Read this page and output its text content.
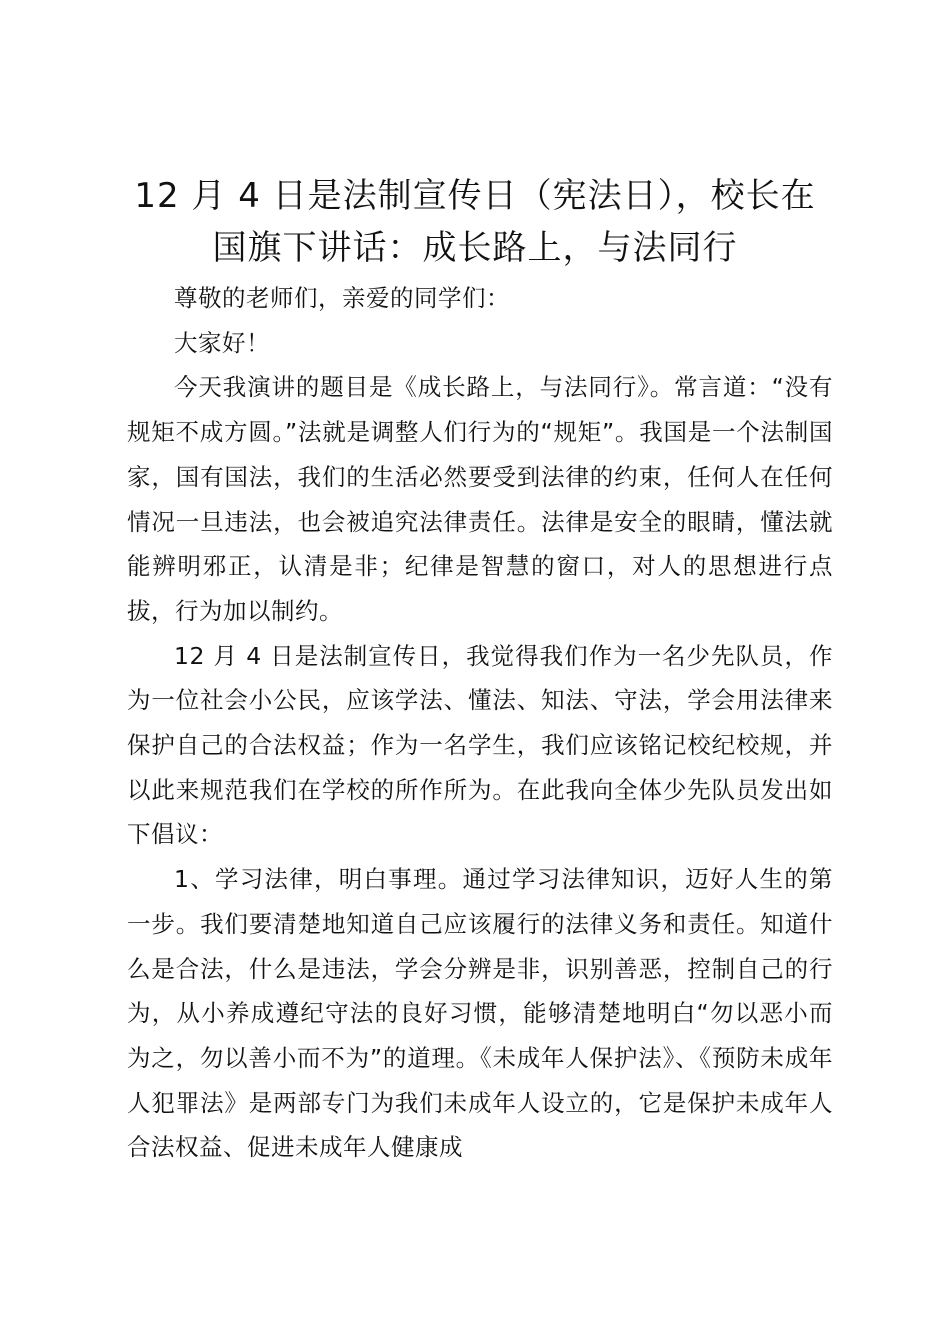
12 月 4 日是法制宣传日（宪法日），校长在
国旗下讲话：成长路上，与法同行

尊敬的老师们，亲爱的同学们：

大家好！

今天我演讲的题目是《成长路上，与法同行》。常言道：“没有规矩不成方圆。”法就是调整人们行为的“规矩”。我国是一个法制国家，国有国法，我们的生活必然要受到法律的约束，任何人在任何情况一旦违法，也会被追究法律责任。法律是安全的眼睛，懂法就能辨明邪正，认清是非；纪律是智慧的窗口，对人的思想进行点拔，行为加以制约。

12 月 4 日是法制宣传日，我觉得我们作为一名少先队员，作为一位社会小公民，应该学法、懂法、知法、守法，学会用法律来保护自己的合法权益；作为一名学生，我们应该铭记校纪校规，并以此来规范我们在学校的所作所为。在此我向全体少先队员发出如下倡议：

1、学习法律，明白事理。通过学习法律知识，迈好人生的第一步。我们要清楚地知道自己应该履行的法律义务和责任。知道什么是合法，什么是违法，学会分辨是非，识别善恶，控制自己的行为，从小养成遵纪守法的良好习惯，能够清楚地明白“勿以恶小而为之，勿以善小而不为”的道理。《未成年人保护法》、《预防未成年人犯罪法》是两部专门为我们未成年人设立的，它是保护未成年人合法权益、促进未成年人健康成
